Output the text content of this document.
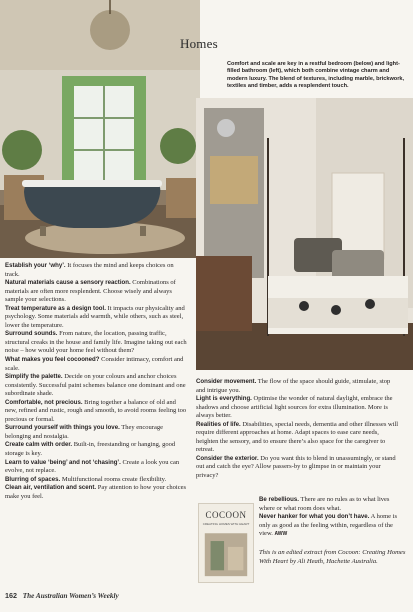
Homes

Comfort and scale are key in a restful bedroom (below) and light-filled bathroom (left), which both combine vintage charm and modern luxury. The blend of textures, including marble, brickwork, textiles and timber, adds a resplendent touch.

Establish your ‘why’. It focuses the mind and keeps choices on track.

Natural materials cause a sensory reaction. Combinations of materials are often more resplendent. Choose wisely and always sample your selections.

Treat temperature as a design tool. It impacts our physicality and psychology. Some materials add warmth, while others, such as steel, lower the temperature.

Surround sounds. From nature, the location, passing traffic, structural creaks in the house and family life. Imagine taking out each noise – how would your home feel without them?

What makes you feel cocooned? Consider intimacy, comfort and scale.

Simplify the palette. Decide on your colours and anchor choices consistently. Successful paint schemes balance one dominant and one subordinate shade.

Comfortable, not precious. Bring together a balance of old and new, refined and rustic, rough and smooth, to avoid rooms feeling too precious or formal.

Surround yourself with things you love. They encourage belonging and nostalgia.

Create calm with order. Built-in, freestanding or hanging, good storage is key.

Learn to value ‘being’ and not ‘chasing’. Create a look you can evolve, not replace.

Blurring of spaces. Multifunctional rooms create flexibility.

Clean air, ventilation and scent. Pay attention to how your choices make you feel.

Consider movement. The flow of the space should guide, stimulate, stop and intrigue you.

Light is everything. Optimise the wonder of natural daylight, embrace the shadows and choose artificial light sources for extra illumination. More is always better.

Realities of life. Disabilities, special needs, dementia and other illnesses will require different approaches at home. Adapt spaces to ease care needs, heighten the sensory, and to ensure there’s also space for the caregiver to retreat.

Consider the exterior. Do you want this to blend in unassumingly, or stand out and catch the eye? Allow passers-by to glimpse in or maintain your privacy?

COCOON
CREATING HOMES WITH HEART

Be rebellious. There are no rules as to what lives where or what room does what.

Never hanker for what you don’t have. A home is only as good as the feeling within, regardless of the view. AWW

This is an edited extract from Cocoon: Creating Homes With Heart by Ali Heath, Hachette Australia.

162 The Australian Women’s Weekly
